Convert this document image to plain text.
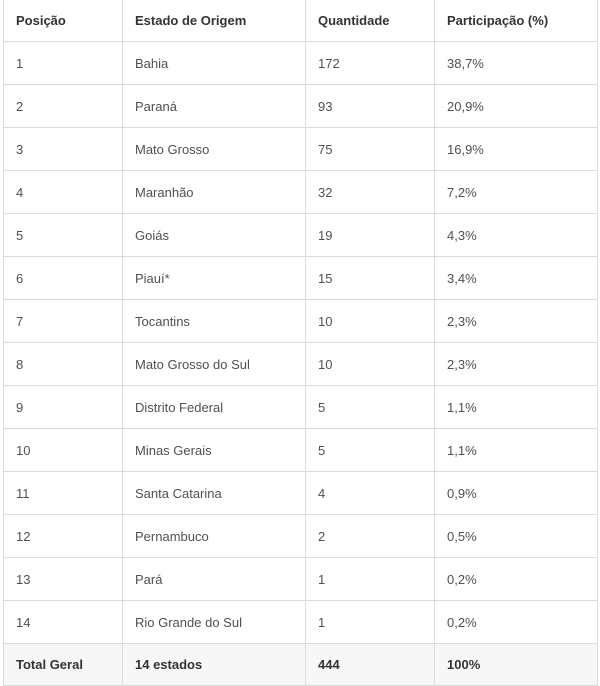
Posição	Estado de Origem	Quantidade	Participação (%)
1	Bahia	172	38,7%
2	Paraná	93	20,9%
3	Mato Grosso	75	16,9%
4	Maranhão	32	7,2%
5	Goiás	19	4,3%
6	Piauí*	15	3,4%
7	Tocantins	10	2,3%
8	Mato Grosso do Sul	10	2,3%
9	Distrito Federal	5	1,1%
10	Minas Gerais	5	1,1%
11	Santa Catarina	4	0,9%
12	Pernambuco	2	0,5%
13	Pará	1	0,2%
14	Rio Grande do Sul	1	0,2%
Total Geral	14 estados	444	100%
